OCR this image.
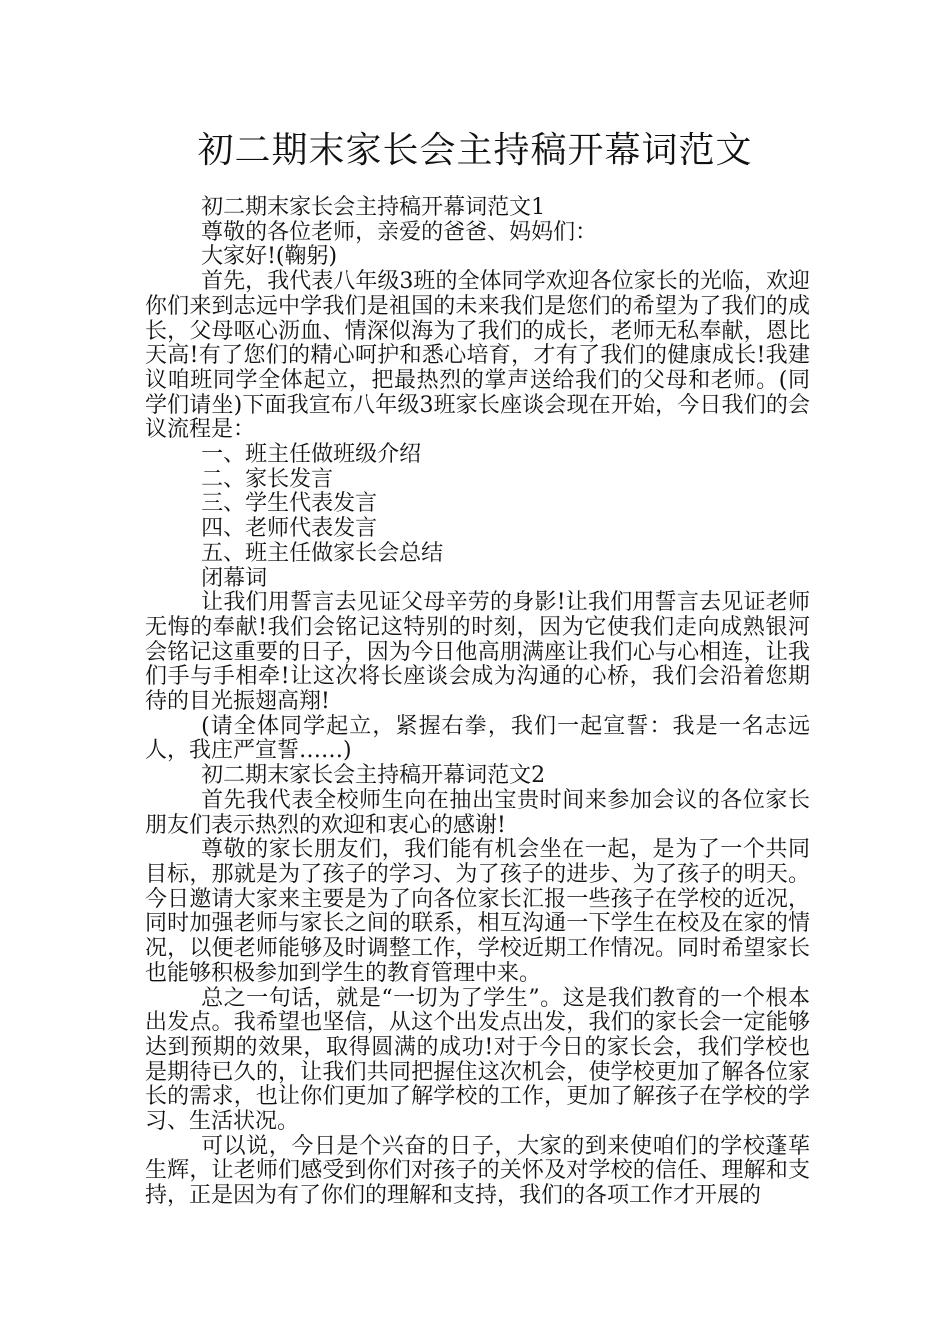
初二期末家长会主持稿开幕词范文

初二期末家长会主持稿开幕词范文1

尊敬的各位老师，亲爱的爸爸、妈妈们：

大家好!(鞠躬)

首先，我代表八年级3班的全体同学欢迎各位家长的光临，欢迎你们来到志远中学我们是祖国的未来我们是您们的希望为了我们的成长，父母呕心沥血、情深似海为了我们的成长，老师无私奉献，恩比天高!有了您们的精心呵护和悉心培育，才有了我们的健康成长!我建议咱班同学全体起立，把最热烈的掌声送给我们的父母和老师。(同学们请坐)下面我宣布八年级3班家长座谈会现在开始，今日我们的会议流程是：

一、班主任做班级介绍

二、家长发言

三、学生代表发言

四、老师代表发言

五、班主任做家长会总结

闭幕词

让我们用誓言去见证父母辛劳的身影!让我们用誓言去见证老师无悔的奉献!我们会铭记这特别的时刻，因为它使我们走向成熟银河会铭记这重要的日子，因为今日他高朋满座让我们心与心相连，让我们手与手相牵!让这次将长座谈会成为沟通的心桥，我们会沿着您期待的目光振翅高翔!

(请全体同学起立，紧握右拳，我们一起宣誓：我是一名志远人，我庄严宣誓……)

初二期末家长会主持稿开幕词范文2

首先我代表全校师生向在抽出宝贵时间来参加会议的各位家长朋友们表示热烈的欢迎和衷心的感谢!

尊敬的家长朋友们，我们能有机会坐在一起，是为了一个共同目标，那就是为了孩子的学习、为了孩子的进步、为了孩子的明天。今日邀请大家来主要是为了向各位家长汇报一些孩子在学校的近况，同时加强老师与家长之间的联系，相互沟通一下学生在校及在家的情况，以便老师能够及时调整工作，学校近期工作情况。同时希望家长也能够积极参加到学生的教育管理中来。

总之一句话，就是“一切为了学生”。这是我们教育的一个根本出发点。我希望也坚信，从这个出发点出发，我们的家长会一定能够达到预期的效果，取得圆满的成功!对于今日的家长会，我们学校也是期待已久的，让我们共同把握住这次机会，使学校更加了解各位家长的需求，也让你们更加了解学校的工作，更加了解孩子在学校的学习、生活状况。

可以说，今日是个兴奋的日子，大家的到来使咱们的学校蓬荜生辉，让老师们感受到你们对孩子的关怀及对学校的信任、理解和支持，正是因为有了你们的理解和支持，我们的各项工作才开展的
